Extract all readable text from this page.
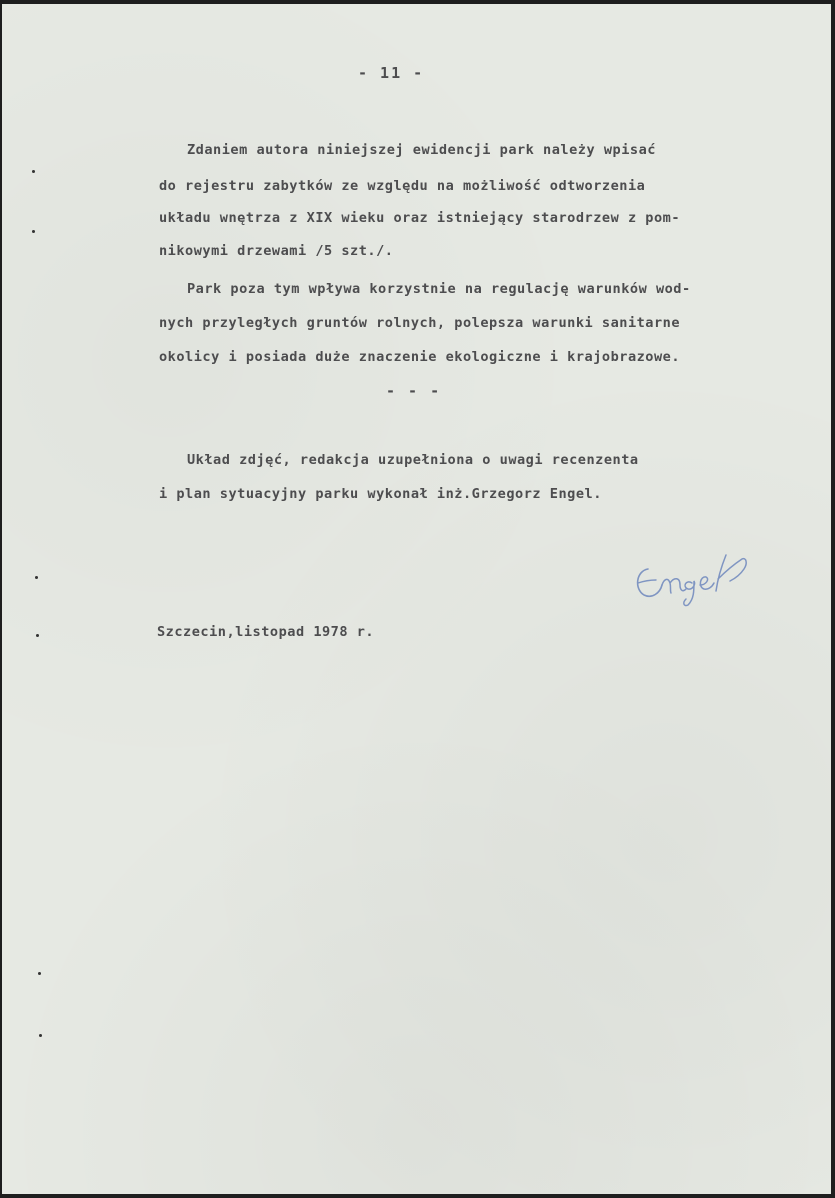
- 11 -
Zdaniem autora niniejszej ewidencji park należy wpisać
do rejestru zabytków ze względu na możliwość odtworzenia
układu wnętrza z XIX wieku oraz istniejący starodrzew z pom-
nikowymi drzewami /5 szt./.
Park poza tym wpływa korzystnie na regulację warunków wod-
nych przyległych gruntów rolnych, polepsza warunki sanitarne
okolicy i posiada duże znaczenie ekologiczne i krajobrazowe.
- - -
Układ zdjęć, redakcja uzupełniona o uwagi recenzenta
i plan sytuacyjny parku wykonał inż.Grzegorz Engel.
Szczecin,listopad 1978 r.
